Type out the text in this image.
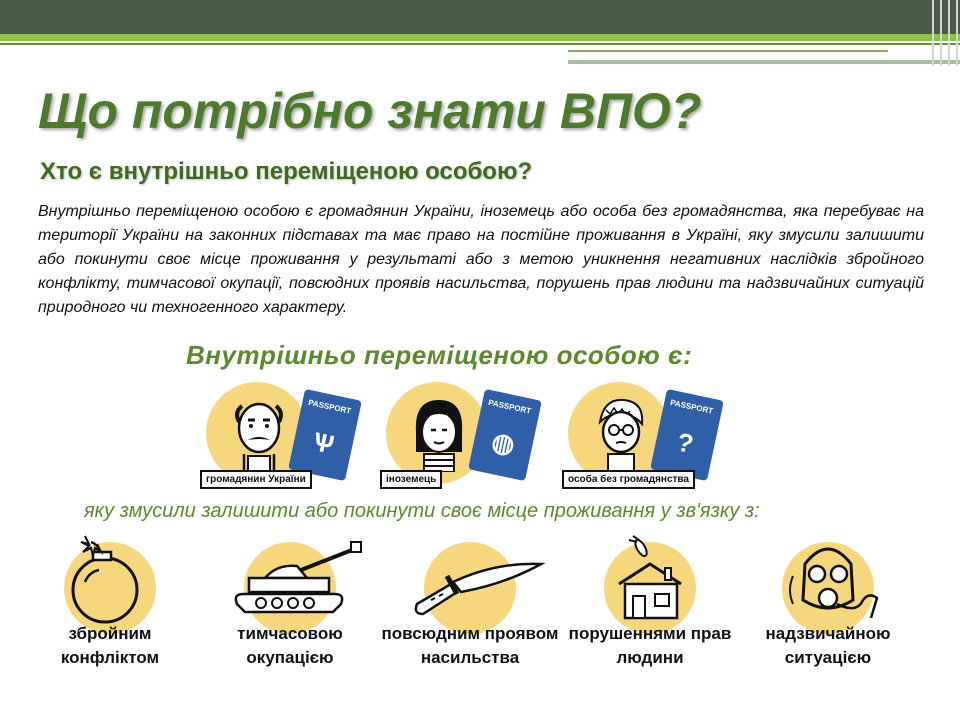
Що потрібно знати ВПО?
Хто є внутрішньо переміщеною особою?

Внутрішньо переміщеною особою є громадянин України, іноземець або особа без громадянства, яка перебуває на території України на законних підставах та має право на постійне проживання в Україні, яку змусили залишити або покинути своє місце проживання у результаті або з метою уникнення негативних наслідків збройного конфлікту, тимчасової окупації, повсюдних проявів насильства, порушень прав людини та надзвичайних ситуацій природного чи техногенного характеру.

Внутрішньо переміщеною особою є:
PASSPORT
Ѱ
громадянин України
PASSPORT
◍
іноземець
PASSPORT
?
особа без громадянства

яку змусили залишити або покинути своє місце проживання у зв'язку з:

збройним
конфліктом
тимчасовою
окупацією
повсюдним проявом
насильства
порушеннями прав
людини
надзвичайною
ситуацією
